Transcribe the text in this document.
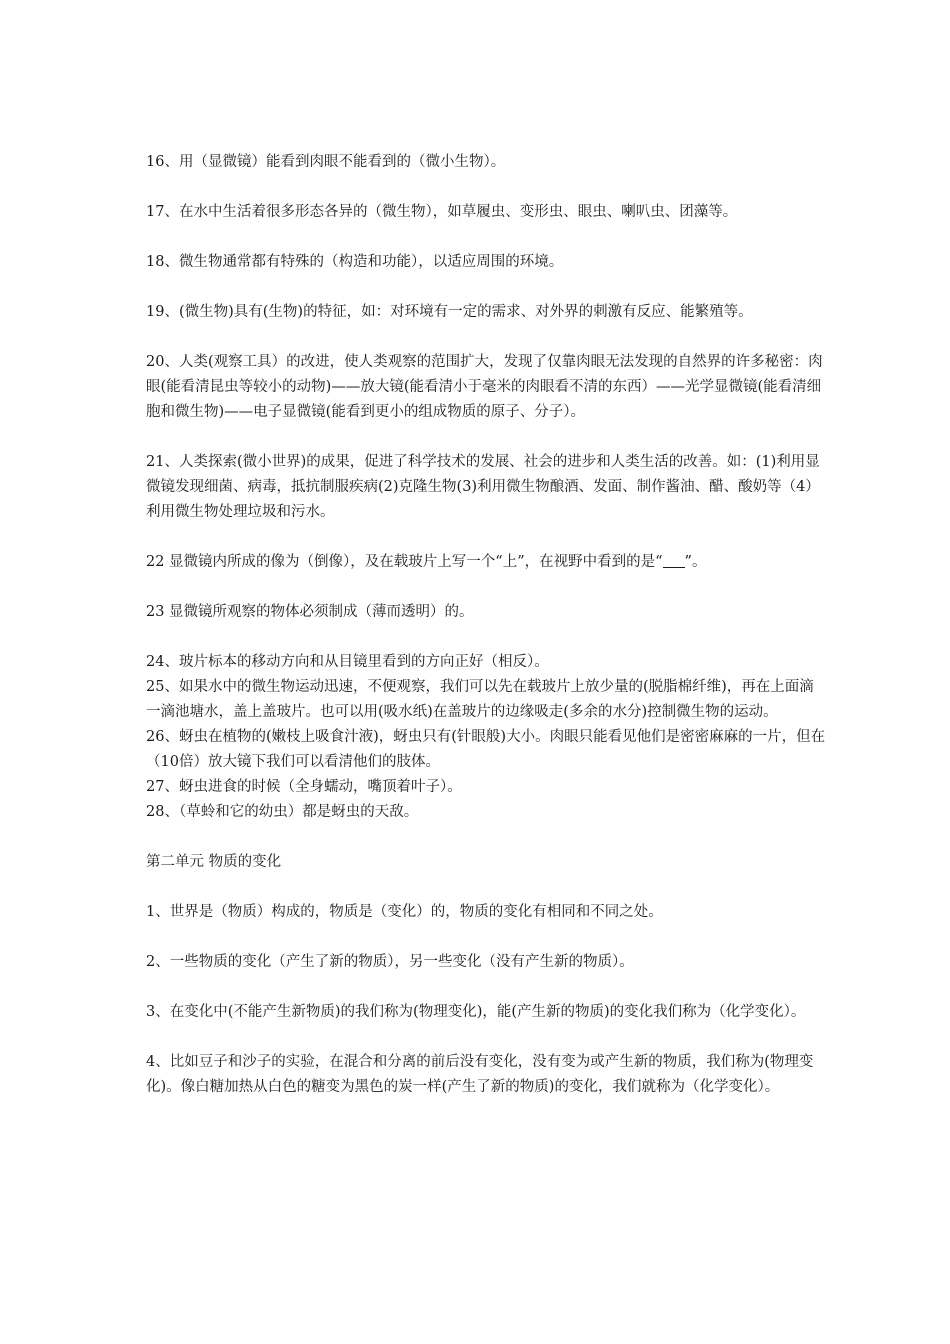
16、用（显微镜）能看到肉眼不能看到的（微小生物）。

17、在水中生活着很多形态各异的（微生物），如草履虫、变形虫、眼虫、喇叭虫、团藻等。

18、微生物通常都有特殊的（构造和功能），以适应周围的环境。

19、(微生物)具有(生物)的特征，如：对环境有一定的需求、对外界的刺激有反应、能繁殖等。

20、人类(观察工具）的改进，使人类观察的范围扩大，发现了仅靠肉眼无法发现的自然界的许多秘密：肉眼(能看清昆虫等较小的动物)——放大镜(能看清小于毫米的肉眼看不清的东西）——光学显微镜(能看清细胞和微生物)——电子显微镜(能看到更小的组成物质的原子、分子）。

21、人类探索(微小世界)的成果，促进了科学技术的发展、社会的进步和人类生活的改善。如：(1)利用显微镜发现细菌、病毒，抵抗制服疾病(2)克隆生物(3)利用微生物酿酒、发面、制作酱油、醋、酸奶等（4）利用微生物处理垃圾和污水。

22 显微镜内所成的像为（倒像），及在载玻片上写一个“上”，在视野中看到的是“ ”。

23 显微镜所观察的物体必须制成（薄而透明）的。

24、玻片标本的移动方向和从目镜里看到的方向正好（相反）。

25、如果水中的微生物运动迅速，不便观察，我们可以先在载玻片上放少量的(脱脂棉纤维)，再在上面滴一滴池塘水，盖上盖玻片。也可以用(吸水纸)在盖玻片的边缘吸走(多余的水分)控制微生物的运动。

26、蚜虫在植物的(嫩枝上吸食汁液)，蚜虫只有(针眼般)大小。肉眼只能看见他们是密密麻麻的一片，但在（10倍）放大镜下我们可以看清他们的肢体。

27、蚜虫进食的时候（全身蠕动，嘴顶着叶子）。

28、（草蛉和它的幼虫）都是蚜虫的天敌。

第二单元 物质的变化

1、世界是（物质）构成的，物质是（变化）的，物质的变化有相同和不同之处。

2、一些物质的变化（产生了新的物质），另一些变化（没有产生新的物质）。

3、在变化中(不能产生新物质)的我们称为(物理变化)，能(产生新的物质)的变化我们称为（化学变化）。

4、比如豆子和沙子的实验，在混合和分离的前后没有变化，没有变为或产生新的物质，我们称为(物理变化)。像白糖加热从白色的糖变为黑色的炭一样(产生了新的物质)的变化，我们就称为（化学变化）。
